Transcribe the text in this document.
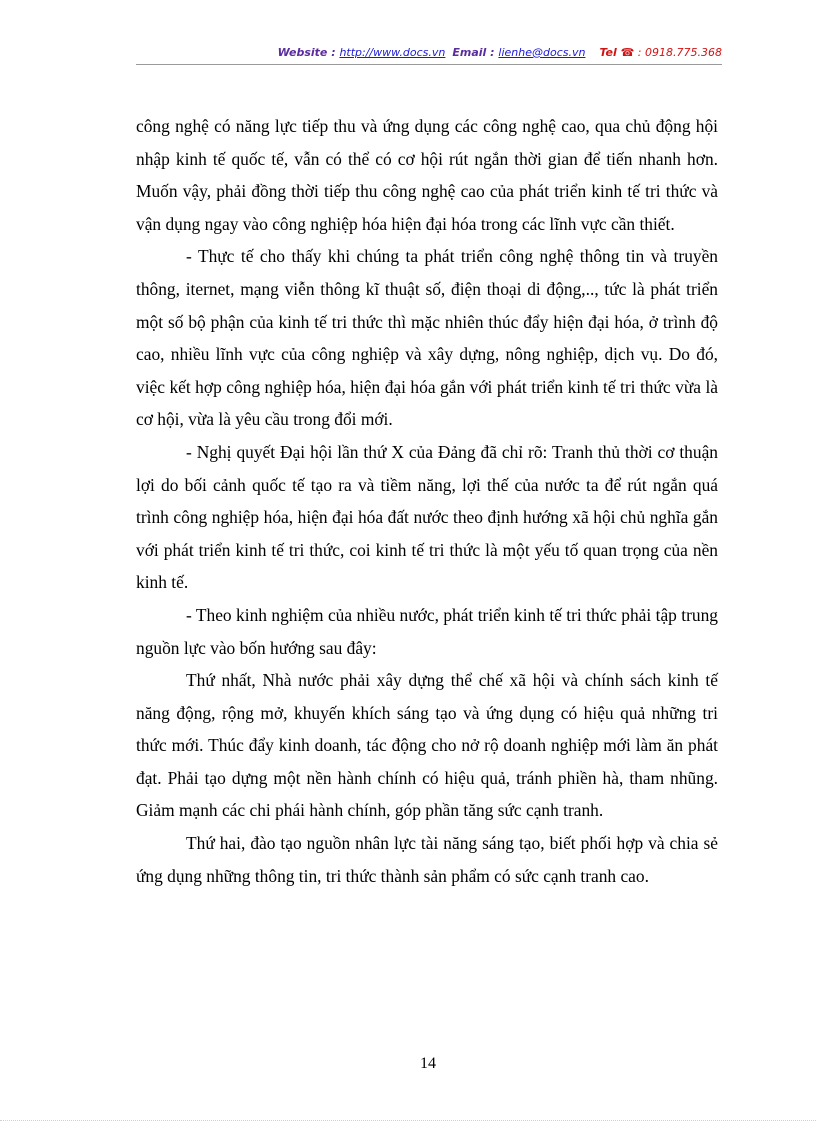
Website : http://www.docs.vn Email : lienhe@docs.vn Tel ☎ : 0918.775.368

công nghệ có năng lực tiếp thu và ứng dụng các công nghệ cao, qua chủ động hội nhập kinh tế quốc tế, vẫn có thể có cơ hội rút ngắn thời gian để tiến nhanh hơn. Muốn vậy, phải đồng thời tiếp thu công nghệ cao của phát triển kinh tế tri thức và vận dụng ngay vào công nghiệp hóa hiện đại hóa trong các lĩnh vực cần thiết.

- Thực tế cho thấy khi chúng ta phát triển công nghệ thông tin và truyền thông, iternet, mạng viễn thông kĩ thuật số, điện thoại di động,.., tức là phát triển một số bộ phận của kinh tế tri thức thì mặc nhiên thúc đẩy hiện đại hóa, ở trình độ cao, nhiều lĩnh vực của công nghiệp và xây dựng, nông nghiệp, dịch vụ. Do đó, việc kết hợp công nghiệp hóa, hiện đại hóa gắn với phát triển kinh tế tri thức vừa là cơ hội, vừa là yêu cầu trong đổi mới.

- Nghị quyết Đại hội lần thứ X của Đảng đã chỉ rõ: Tranh thủ thời cơ thuận lợi do bối cảnh quốc tế tạo ra và tiềm năng, lợi thế của nước ta để rút ngắn quá trình công nghiệp hóa, hiện đại hóa đất nước theo định hướng xã hội chủ nghĩa gắn với phát triển kinh tế tri thức, coi kinh tế tri thức là một yếu tố quan trọng của nền kinh tế.

- Theo kinh nghiệm của nhiều nước, phát triển kinh tế tri thức phải tập trung nguồn lực vào bốn hướng sau đây:

Thứ nhất, Nhà nước phải xây dựng thể chế xã hội và chính sách kinh tế năng động, rộng mở, khuyến khích sáng tạo và ứng dụng có hiệu quả những tri thức mới. Thúc đẩy kinh doanh, tác động cho nở rộ doanh nghiệp mới làm ăn phát đạt. Phải tạo dựng một nền hành chính có hiệu quả, tránh phiền hà, tham nhũng. Giảm mạnh các chi phái hành chính, góp phần tăng sức cạnh tranh.

Thứ hai, đào tạo nguồn nhân lực tài năng sáng tạo, biết phối hợp và chia sẻ ứng dụng những thông tin, tri thức thành sản phẩm có sức cạnh tranh cao.

14
